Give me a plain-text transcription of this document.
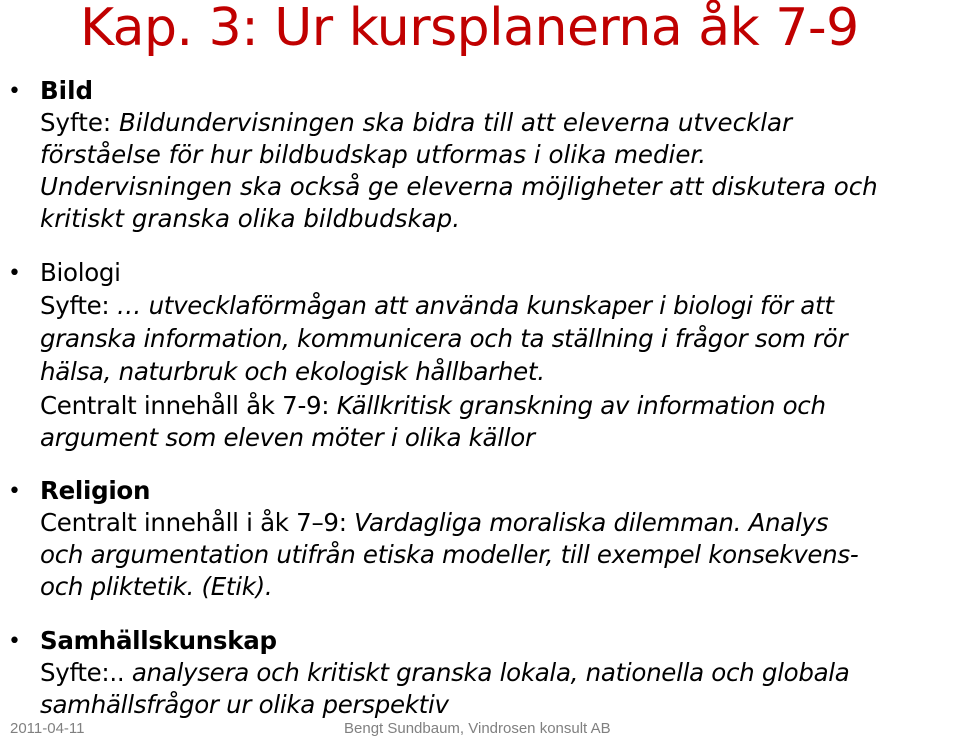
Kap. 3: Ur kursplanerna åk 7-9
• Bild
Syfte: Bildundervisningen ska bidra till att eleverna utvecklar
förståelse för hur bildbudskap utformas i olika medier.
Undervisningen ska också ge eleverna möjligheter att diskutera och
kritiskt granska olika bildbudskap.
• Biologi
Syfte: … utvecklaförmågan att använda kunskaper i biologi för att
granska information, kommunicera och ta ställning i frågor som rör
hälsa, naturbruk och ekologisk hållbarhet.
Centralt innehåll åk 7-9: Källkritisk granskning av information och
argument som eleven möter i olika källor
• Religion
Centralt innehåll i åk 7–9: Vardagliga moraliska dilemman. Analys
och argumentation utifrån etiska modeller, till exempel konsekvens-
och pliktetik. (Etik).
• Samhällskunskap
Syfte:.. analysera och kritiskt granska lokala, nationella och globala
samhällsfrågor ur olika perspektiv
2011-04-11	Bengt Sundbaum, Vindrosen konsult AB
